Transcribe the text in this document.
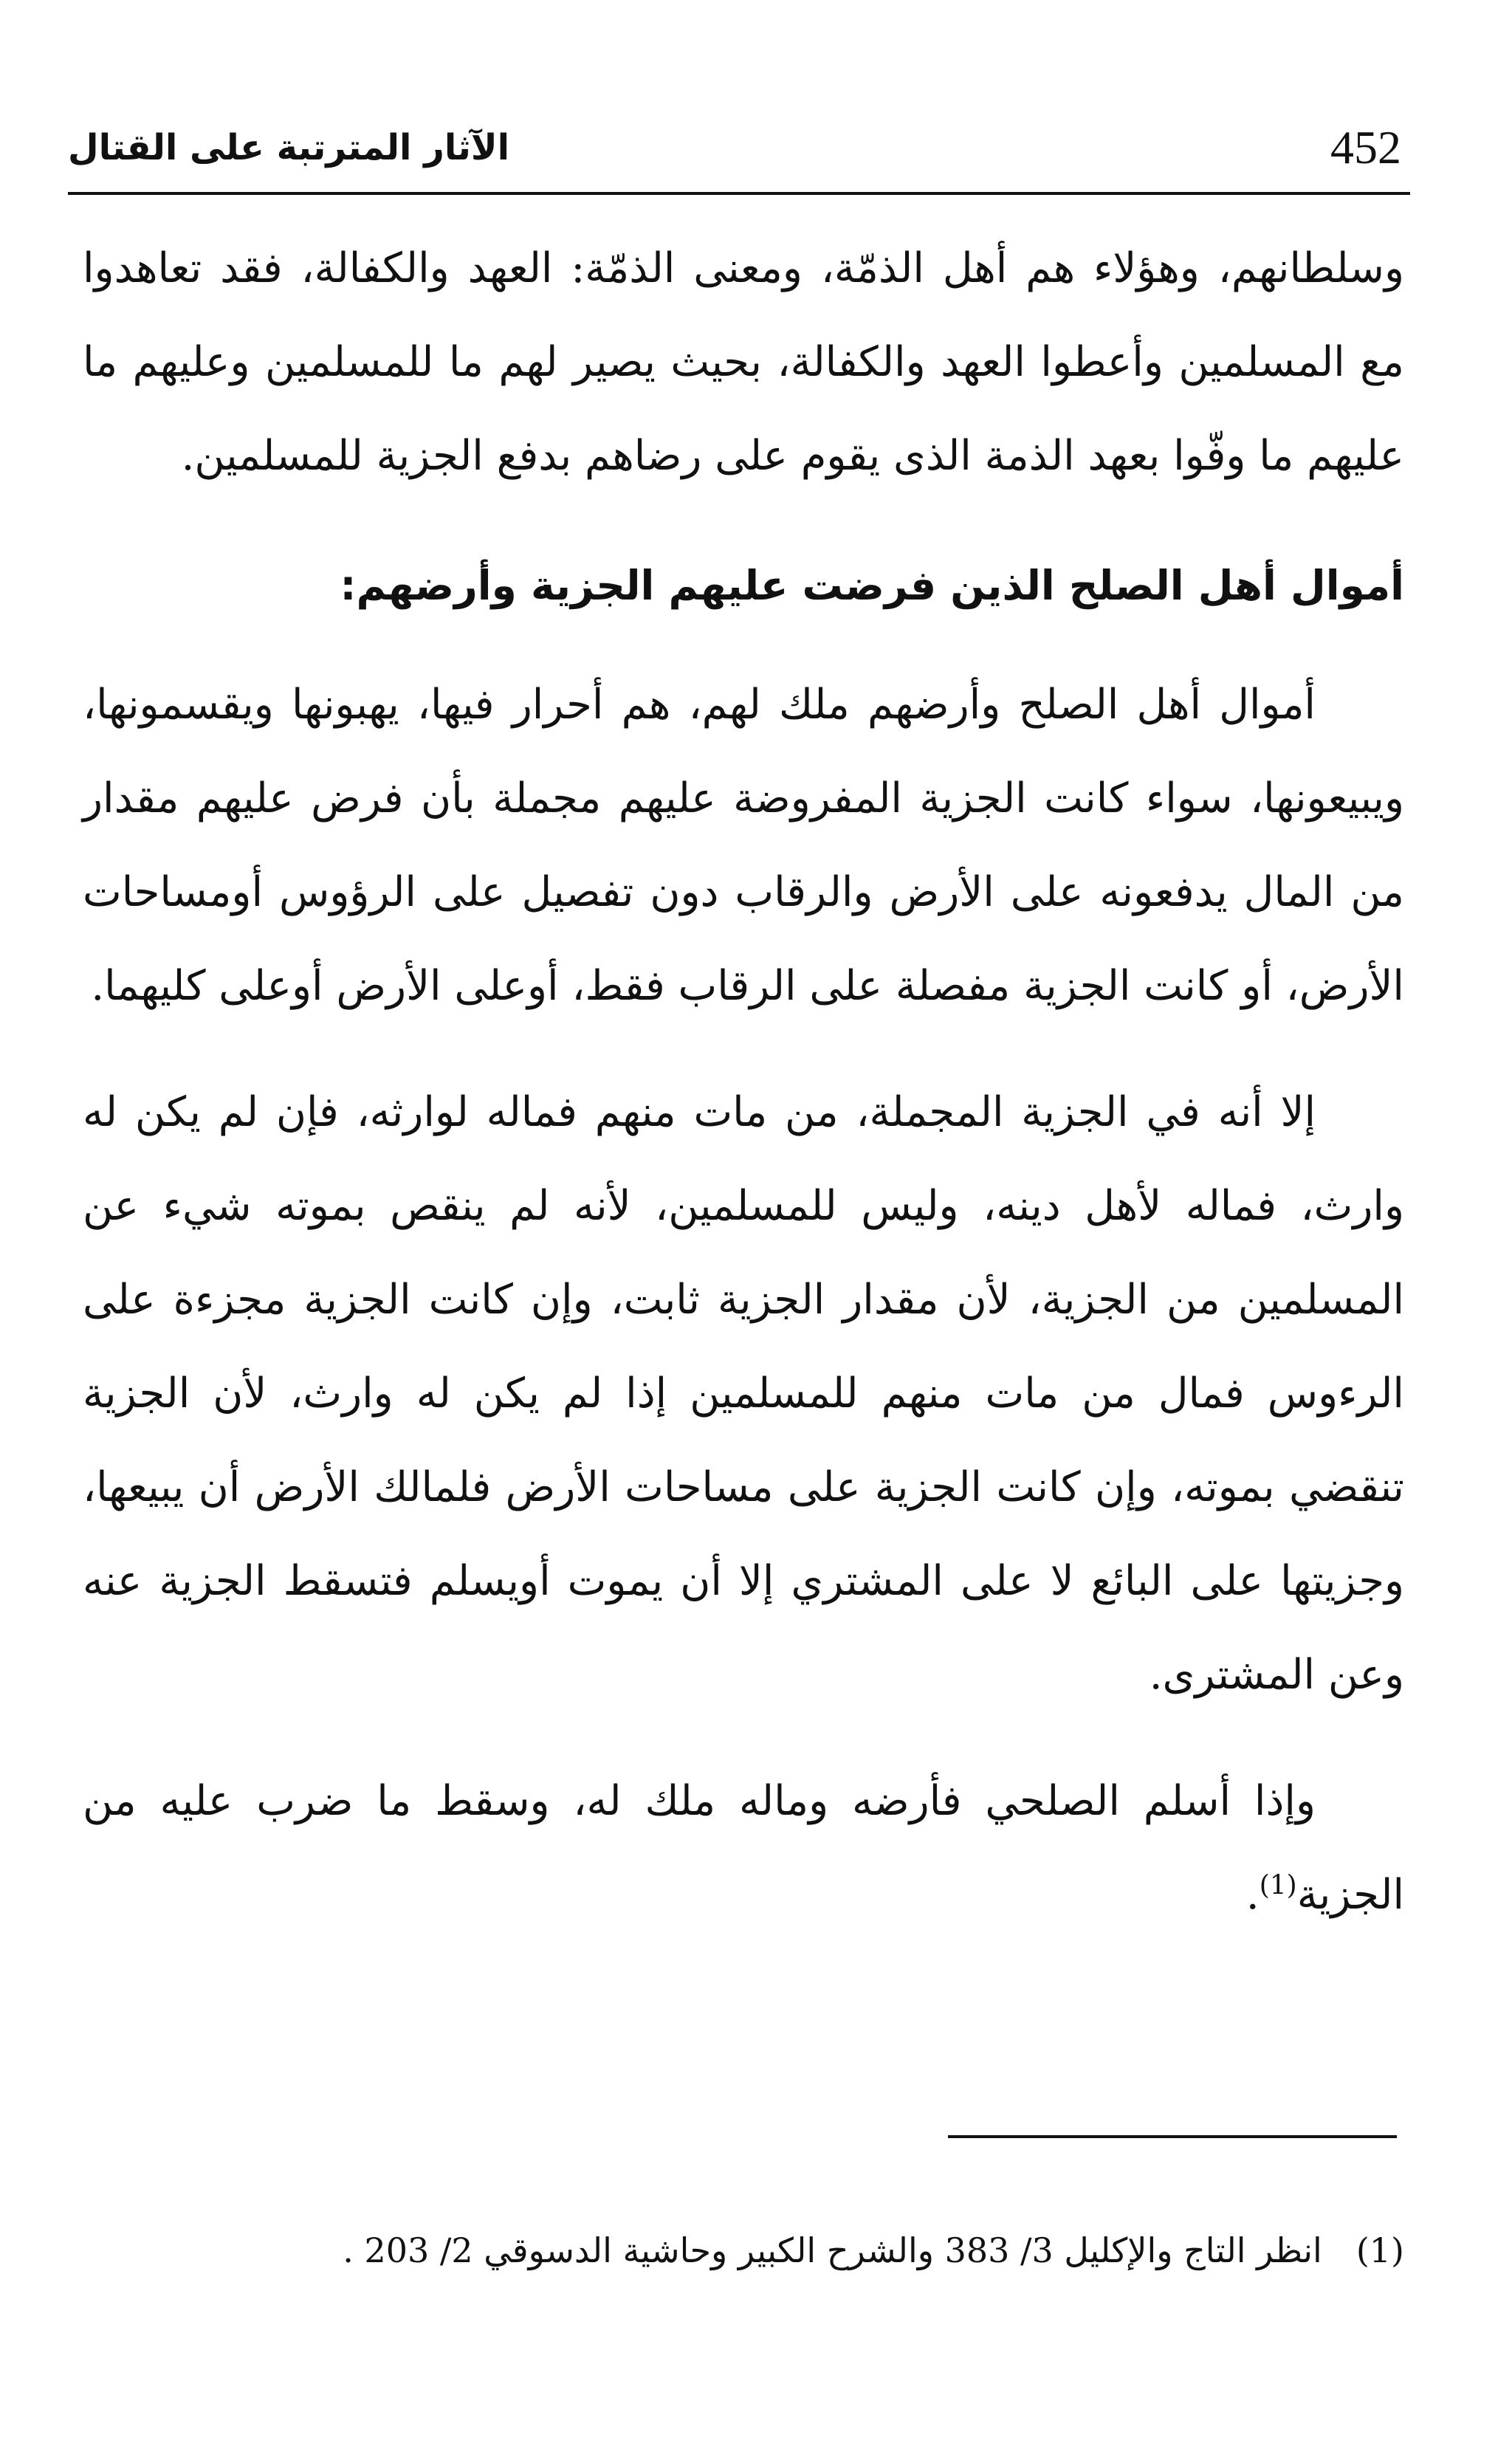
452
الآثار المترتبة على القتال

وسلطانهم، وهؤلاء هم أهل الذمّة، ومعنى الذمّة: العهد والكفالة، فقد تعاهدوا مع المسلمين وأعطوا العهد والكفالة، بحيث يصير لهم ما للمسلمين وعليهم ما عليهم ما وفّوا بعهد الذمة الذى يقوم على رضاهم بدفع الجزية للمسلمين.

أموال أهل الصلح الذين فرضت عليهم الجزية وأرضهم:

أموال أهل الصلح وأرضهم ملك لهم، هم أحرار فيها، يهبونها ويقسمونها، ويبيعونها، سواء كانت الجزية المفروضة عليهم مجملة بأن فرض عليهم مقدار من المال يدفعونه على الأرض والرقاب دون تفصيل على الرؤوس أومساحات الأرض، أو كانت الجزية مفصلة على الرقاب فقط، أوعلى الأرض أوعلى كليهما.

إلا أنه في الجزية المجملة، من مات منهم فماله لوارثه، فإن لم يكن له وارث، فماله لأهل دينه، وليس للمسلمين، لأنه لم ينقص بموته شيء عن المسلمين من الجزية، لأن مقدار الجزية ثابت، وإن كانت الجزية مجزءة على الرءوس فمال من مات منهم للمسلمين إذا لم يكن له وارث، لأن الجزية تنقضي بموته، وإن كانت الجزية على مساحات الأرض فلمالك الأرض أن يبيعها، وجزيتها على البائع لا على المشتري إلا أن يموت أويسلم فتسقط الجزية عنه وعن المشترى.

وإذا أسلم الصلحي فأرضه وماله ملك له، وسقط ما ضرب عليه من الجزية$^{(1)}$.

(1)انظر التاج والإكليل 3/ 383 والشرح الكبير وحاشية الدسوقي 2/ 203 .
